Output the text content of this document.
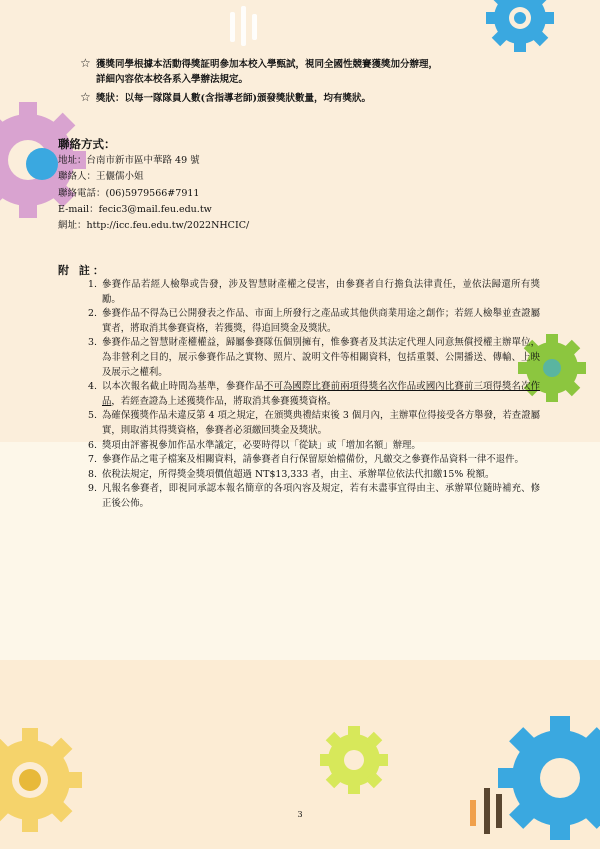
☆ 獲獎同學根據本活動得獎証明參加本校入學甄試，視同全國性競賽獲獎加分辦理，
詳細內容依本校各系入學辦法規定。
☆ 獎狀：以每一隊隊員人數(含指導老師)頒發獎狀數量，均有獎狀。
聯絡方式：
地址：台南市新市區中華路 49 號
聯絡人：王儷儒小姐
聯絡電話：(06)5979566#7911
E-mail：fecic3@mail.feu.edu.tw
網址：http://icc.feu.edu.tw/2022NHCIC/
附 註：
1. 參賽作品若經人檢舉或告發，涉及智慧財產權之侵害，由參賽者自行擔負法律責任，並依法歸還所有獎勵。
2. 參賽作品不得為已公開發表之作品、市面上所發行之產品或其他供商業用途之創作；若經人檢舉並查證屬實者，將取消其參賽資格，若獲獎，得追回獎金及獎狀。
3. 參賽作品之智慧財產權權益，歸屬參賽隊伍個別擁有，惟參賽者及其法定代理人同意無償授權主辦單位，為非營利之目的，展示參賽作品之實物、照片、說明文件等相關資料，包括重製、公開播送、傳輸、上映及展示之權利。
4. 以本次報名截止時間為基準，參賽作品不可為國際比賽前兩項得獎名次作品或國內比賽前三項得獎名次作品，若經查證為上述獲獎作品，將取消其參賽獲獎資格。
5. 為確保獲獎作品未違反第 4 項之規定，在頒獎典禮結束後 3 個月內，主辦單位得接受各方舉發，若查證屬實，則取消其得獎資格，參賽者必須繳回獎金及獎狀。
6. 獎項由評審視參加作品水準議定，必要時得以「從缺」或「增加名額」辦理。
7. 參賽作品之電子檔案及相關資料，請參賽者自行保留原始檔備份，凡繳交之參賽作品資料一律不退件。
8. 依稅法規定，所得獎金獎項價值超過 NT$13,333 者，由主、承辦單位依法代扣繳15% 稅額。
9. 凡報名參賽者，即視同承認本報名簡章的各項內容及規定，若有未盡事宜得由主、承辦單位隨時補充、修正後公佈。
3
